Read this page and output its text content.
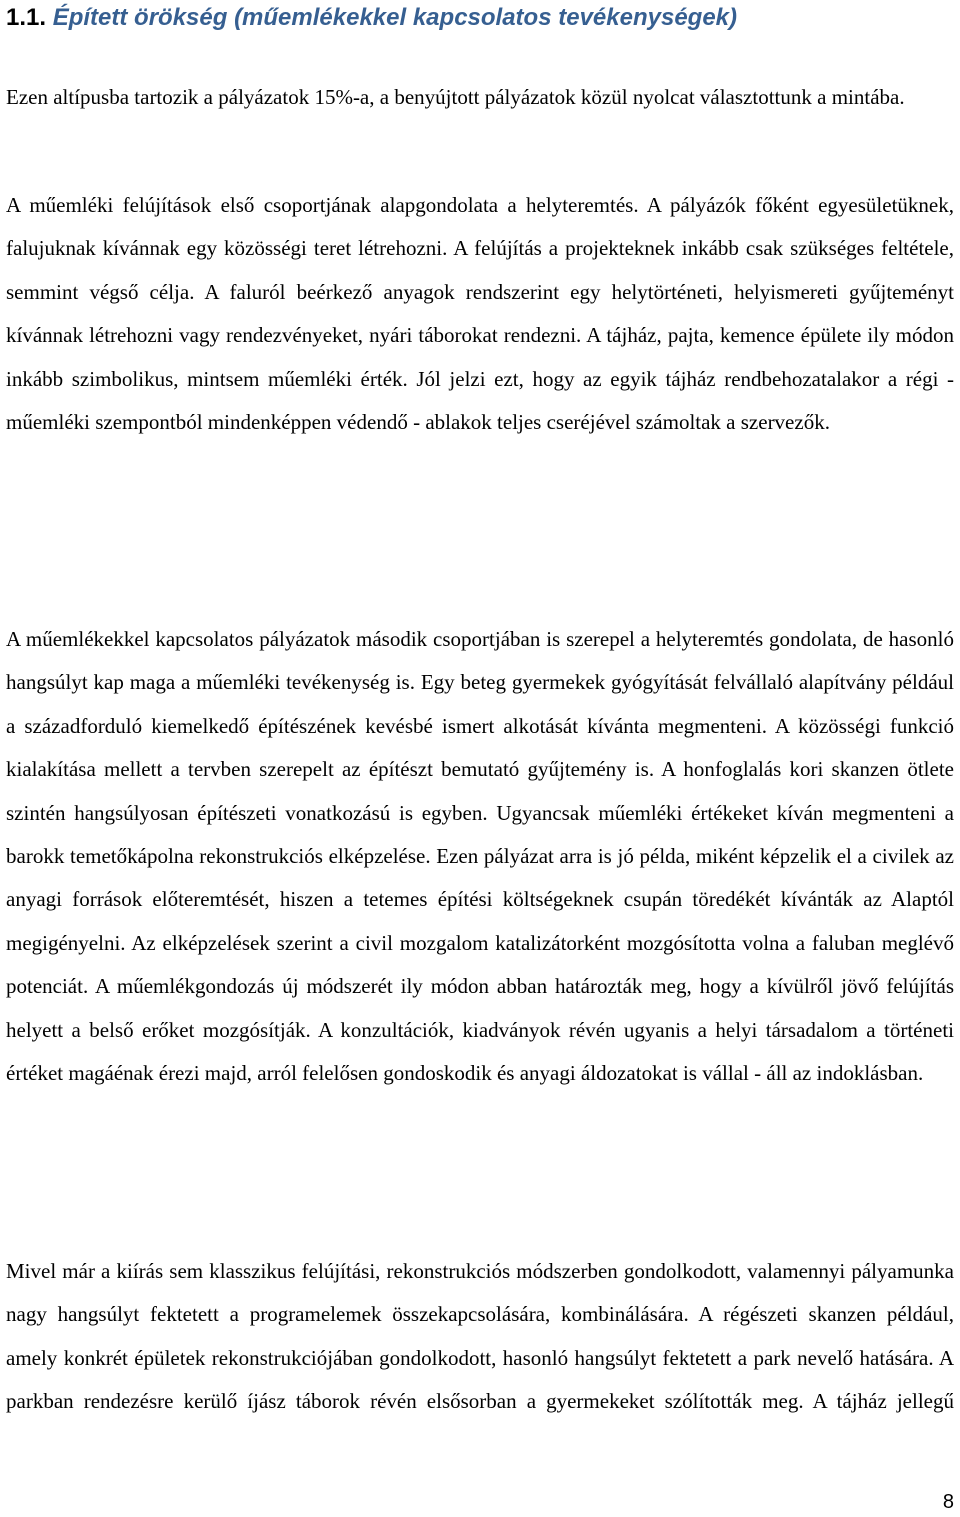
1.1. Épített örökség (műemlékekkel kapcsolatos tevékenységek)

Ezen altípusba tartozik a pályázatok 15%-a, a benyújtott pályázatok közül nyolcat választottunk a mintába.

A műemléki felújítások első csoportjának alapgondolata a helyteremtés. A pályázók főként egyesületüknek, falujuknak kívánnak egy közösségi teret létrehozni. A felújítás a projekteknek inkább csak szükséges feltétele, semmint végső célja. A faluról beérkező anyagok rendszerint egy helytörténeti, helyismereti gyűjteményt kívánnak létrehozni vagy rendezvényeket, nyári táborokat rendezni. A tájház, pajta, kemence épülete ily módon inkább szimbolikus, mintsem műemléki érték. Jól jelzi ezt, hogy az egyik tájház rendbehozatalakor a régi - műemléki szempontból mindenképpen védendő - ablakok teljes cseréjével számoltak a szervezők.

A műemlékekkel kapcsolatos pályázatok második csoportjában is szerepel a helyteremtés gondolata, de hasonló hangsúlyt kap maga a műemléki tevékenység is. Egy beteg gyermekek gyógyítását felvállaló alapítvány például a századforduló kiemelkedő építészének kevésbé ismert alkotását kívánta megmenteni. A közösségi funkció kialakítása mellett a tervben szerepelt az építészt bemutató gyűjtemény is. A honfoglalás kori skanzen ötlete szintén hangsúlyosan építészeti vonatkozású is egyben. Ugyancsak műemléki értékeket kíván megmenteni a barokk temetőkápolna rekonstrukciós elképzelése. Ezen pályázat arra is jó példa, miként képzelik el a civilek az anyagi források előteremtését, hiszen a tetemes építési költségeknek csupán töredékét kívánták az Alaptól megigényelni. Az elképzelések szerint a civil mozgalom katalizátorként mozgósította volna a faluban meglévő potenciát. A műemlékgondozás új módszerét ily módon abban határozták meg, hogy a kívülről jövő felújítás helyett a belső erőket mozgósítják. A konzultációk, kiadványok révén ugyanis a helyi társadalom a történeti értéket magáénak érezi majd, arról felelősen gondoskodik és anyagi áldozatokat is vállal - áll az indoklásban.

Mivel már a kiírás sem klasszikus felújítási, rekonstrukciós módszerben gondolkodott, valamennyi pályamunka nagy hangsúlyt fektetett a programelemek összekapcsolására, kombinálására. A régészeti skanzen például, amely konkrét épületek rekonstrukciójában gondolkodott, hasonló hangsúlyt fektetett a park nevelő hatására. A parkban rendezésre kerülő íjász táborok révén elsősorban a gyermekeket szólították meg. A tájház jellegű

8
